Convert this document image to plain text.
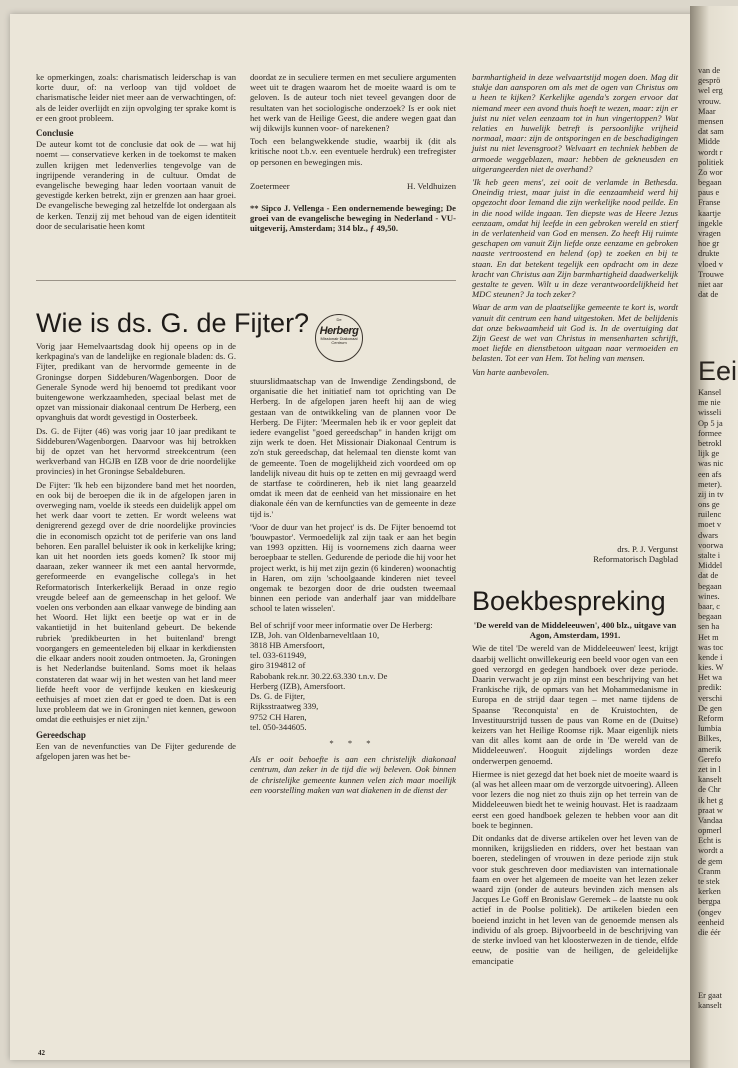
ke opmerkingen, zoals: charismatisch leiderschap is van korte duur, of: na verloop van tijd voldoet de charismatische leider niet meer aan de verwachtingen, of: als de leider overlijdt en zijn opvolging ter sprake komt is er een groot probleem.

Conclusie

De auteur komt tot de conclusie dat ook de — wat hij noemt — conservatieve kerken in de toekomst te maken zullen krijgen met ledenverlies tengevolge van de ingrijpende verandering in de cultuur. Omdat de evangelische beweging haar leden voortaan vanuit de gevestigde kerken betrekt, zijn er grenzen aan haar groei. De evangelische beweging zal hetzelfde lot ondergaan als de kerken. Tenzij zij met behoud van de eigen identiteit door de secularisatie heen komt

doordat ze in seculiere termen en met seculiere argumenten weet uit te dragen waarom het de moeite waard is om te geloven. Is de auteur toch niet teveel gevangen door de resultaten van het sociologische onderzoek? Is er ook niet het werk van de Heilige Geest, die andere wegen gaat dan wij dikwijls kunnen voor- of narekenen?

Toch een belangwekkende studie, waarbij ik (dit als kritische noot t.b.v. een eventuele herdruk) een trefregister op personen en bewegingen mis.

Zoetermeer	H. Veldhuizen

** Sipco J. Vellenga - Een ondernemende beweging; De groei van de evangelische beweging in Nederland - VU-uitgeverij, Amsterdam; 314 blz., ƒ 49,50.

barmhartigheid in deze welvaartstijd mogen doen. Mag dit stukje dan aansporen om als met de ogen van Christus om u heen te kijken? Kerkelijke agenda's zorgen ervoor dat niemand meer een avond thuis hoeft te wezen, maar: zijn er juist nu niet velen eenzaam tot in hun vingertoppen? Wat relaties en huwelijk betreft is persoonlijke vrijheid normaal, maar: zijn de ontsporingen en de beschadigingen juist nu niet levensgroot? Welvaart en techniek hebben de armoede weggeblazen, maar: hebben de gekneusden en uitgerangeerden niet de overhand?

'Ik heb geen mens', zei ooit de verlamde in Bethesda. Oneindig triest, maar juist in die eenzaamheid werd hij opgezocht door Iemand die zijn werkelijke nood peilde. En in die nood wilde ingaan. Ten diepste was de Heere Jezus eenzaam, omdat hij leefde in een gebroken wereld en stierf in de verlatenheid van God en mensen. Zo heeft Hij ruimte geschapen om vanuit Zijn liefde onze eenzame en gebroken naaste vertroostend en helend (op) te zoeken en bij te staan. En dat betekent tegelijk een opdracht om in deze kracht van Christus aan Zijn barmhartigheid daadwerkelijk gestalte te geven. Wilt u in deze verantwoordelijkheid het MDC steunen? Ja toch zeker?

Waar de arm van de plaatselijke gemeente te kort is, wordt vanuit dit centrum een hand uitgestoken. Met de belijdenis dat onze bekwaamheid uit God is. In de overtuiging dat Zijn Geest de wet van Christus in mensenharten schrijft, moet liefde en dienstbetoon uitgaan naar vermoeiden en belasten. Tot eer van Hem. Tot heling van mensen.

Van harte aanbevolen.

drs. P. J. Vergunst
Reformatorisch Dagblad
Wie is ds. G. de Fijter?	De
Herberg
Missionair Diakonaal Centrum

Vorig jaar Hemelvaartsdag dook hij opeens op in de kerkpagina's van de landelijke en regionale bladen: ds. G. Fijter, predikant van de hervormde gemeente in de Groningse dorpen Siddeburen/Wagenborgen. Door de Generale Synode werd hij benoemd tot predikant voor buitengewone werkzaamheden, speciaal belast met de opzet van missionair diakonaal centrum De Herberg, een opvanghuis dat wordt gevestigd in Oosterbeek.

Ds. G. de Fijter (46) was vorig jaar 10 jaar predikant te Siddeburen/Wagenborgen. Daarvoor was hij betrokken bij de opzet van het hervormd streekcentrum (een werkverband van HGJB en IZB voor de drie noordelijke provincies) in het Groningse Sebaldeburen.

De Fijter: 'Ik heb een bijzondere band met het noorden, en ook bij de beroepen die ik in de afgelopen jaren in overweging nam, voelde ik steeds een duidelijk appel om het werk daar voort te zetten. Er wordt weleens wat denigrerend gezegd over de drie noordelijke provincies die in economisch opzicht tot de periferie van ons land behoren. Een parallel beluister ik ook in kerkelijke kring; kan uit het noorden iets goeds komen? Ik stoor mij daaraan, zeker wanneer ik met een aantal hervormde, gereformeerde en evangelische collega's in het Reformatorisch Interkerkelijk Beraad in onze regio vreugde beleef aan de gemeenschap in het geloof. We voelen ons verbonden aan elkaar vanwege de binding aan het Woord. Het lijkt een beetje op wat er in de vakantietijd in het buitenland gebeurt. De bekende rubriek 'predikbeurten in het buitenland' brengt voorgangers en gemeenteleden bij elkaar in kerkdiensten die elkaar anders nooit zouden ontmoeten. Ja, Groningen is het Nederlandse buitenland. Soms moet ik helaas constateren dat waar wij in het westen van het land meer liefde heeft voor de verfijnde keuken en kieskeurig eethuisjes af moet zien dat er goed te doen. Dat is een luxe probleem dat we in Groningen niet kennen, gewoon omdat die eethuisjes er niet zijn.'

Gereedschap

Een van de nevenfuncties van De Fijter gedurende de afgelopen jaren was het be-

stuurslidmaatschap van de Inwendige Zendingsbond, de organisatie die het initiatief nam tot oprichting van De Herberg. In de afgelopen jaren heeft hij aan de wieg gestaan van de ontwikkeling van de plannen voor De Herberg. De Fijter: 'Meermalen heb ik er voor gepleit dat iedere evangelist "goed gereedschap" in handen krijgt om zijn werk te doen. Het Missionair Diakonaal Centrum is zo'n stuk gereedschap, dat helemaal ten dienste komt van de gemeente. Toen de mogelijkheid zich voordeed om op landelijk niveau dit huis op te zetten en mij gevraagd werd de startfase te coördineren, heb ik niet lang geaarzeld omdat ik meen dat de eenheid van het missionaire en het diakonale één van de kernfuncties van de gemeente in deze tijd is.'

'Voor de duur van het project' is ds. De Fijter benoemd tot 'bouwpastor'. Vermoedelijk zal zijn taak er aan het begin van 1993 opzitten. Hij is voornemens zich daarna weer beroepbaar te stellen. Gedurende de periode die hij voor het project werkt, is hij met zijn gezin (6 kinderen) woonachtig in Haren, om zijn 'schoolgaande kinderen niet teveel ongemak te bezorgen door de drie oudsten tweemaal binnen een periode van anderhalf jaar van middelbare school te laten wisselen'.

Bel of schrijf voor meer informatie over De Herberg:

IZB, Joh. van Oldenbarneveltlaan 10,
3818 HB Amersfoort,
tel. 033-611949,
giro 3194812 of
Rabobank rek.nr. 30.22.63.330 t.n.v. De
Herberg (IZB), Amersfoort.
Ds. G. de Fijter,
Rijksstraatweg 339,
9752 CH Haren,
tel. 050-344605.
* * *

Als er ooit behoefte is aan een christelijk diakonaal centrum, dan zeker in de tijd die wij beleven. Ook binnen de christelijke gemeente kunnen velen zich maar moeilijk een voorstelling maken van wat diakenen in de dienst der

Boekbespreking

'De wereld van de Middeleeuwen', 400 blz., uitgave van Agon, Amsterdam, 1991.

Wie de titel 'De wereld van de Middeleeuwen' leest, krijgt daarbij wellicht onwillekeurig een beeld voor ogen van een goed verzorgd en gedegen handboek over deze periode. Daarin verwacht je op zijn minst een beschrijving van het Frankische rijk, de opmars van het Mohammedanisme in Europa en de strijd daar tegen – met name tijdens de Spaanse 'Reconquista' en de Kruistochten, de Investituurstrijd tussen de paus van Rome en de (Duitse) keizers van het Heilige Roomse rijk. Maar eigenlijk niets van dit alles komt aan de orde in 'De wereld van de Middeleeuwen'. Hooguit zijdelings worden deze onderwerpen genoemd.

Hiermee is niet gezegd dat het boek niet de moeite waard is (al was het alleen maar om de verzorgde uitvoering). Alleen voor lezers die nog niet zo thuis zijn op het terrein van de Middeleeuwen biedt het te weinig houvast. Het is raadzaam eerst een goed handboek gelezen te hebben voor aan dit boek te beginnen.

Dit ondanks dat de diverse artikelen over het leven van de monniken, krijgslieden en ridders, over het bestaan van boeren, stedelingen of vrouwen in deze periode zijn stuk voor stuk geschreven door mediavisten van internationale faam en over het algemeen de moeite van het lezen zeker waard zijn (onder de auteurs bevinden zich mensen als Jacques Le Goff en Bronislaw Geremek – de laatste nu ook actief in de Poolse politiek). De artikelen bieden een boeiend inzicht in het leven van de genoemde mensen als individu of als groep. Bijvoorbeeld in de beschrijving van de sterke invloed van het kloosterwezen in de tiende, elfde eeuw, de positie van de heiligen, de geleidelijke emancipatie

42
van de
gesprö
wel erg
vrouw.
Maar
mensen
dat sam
Midde
wordt r
politiek
Zo wor
begaan
paus e
Franse
kaartje
ingekle
vragen
hoe gr
drukte
vloed v
Trouwe
niet aar
dat de
Eei
Kansel
me nie
wisseli
Op 5 ja
formee
betrokl
lijk ge
was nic
een afs
meter).
zij in tv
ons ge
ruilenc
moet v
dwars
voorwa
stalte i
Middel
dat de
begaan
wines.
baar, c
begaan
sen ha
Het m
was toc
kende i
kies. W
Het wa
predik:
verschi
De gen
Reform
lumbia
Bilkes,
amerik
Gerefo
zet in l
kanselt
de Chr
ik het g
praat w
Vandaa
opmerl
Echt is
wordt a
de gem
Cranm
te stek
kerken
bergpa
(ongev
eenheid
die éér
Er gaat
kanselt
